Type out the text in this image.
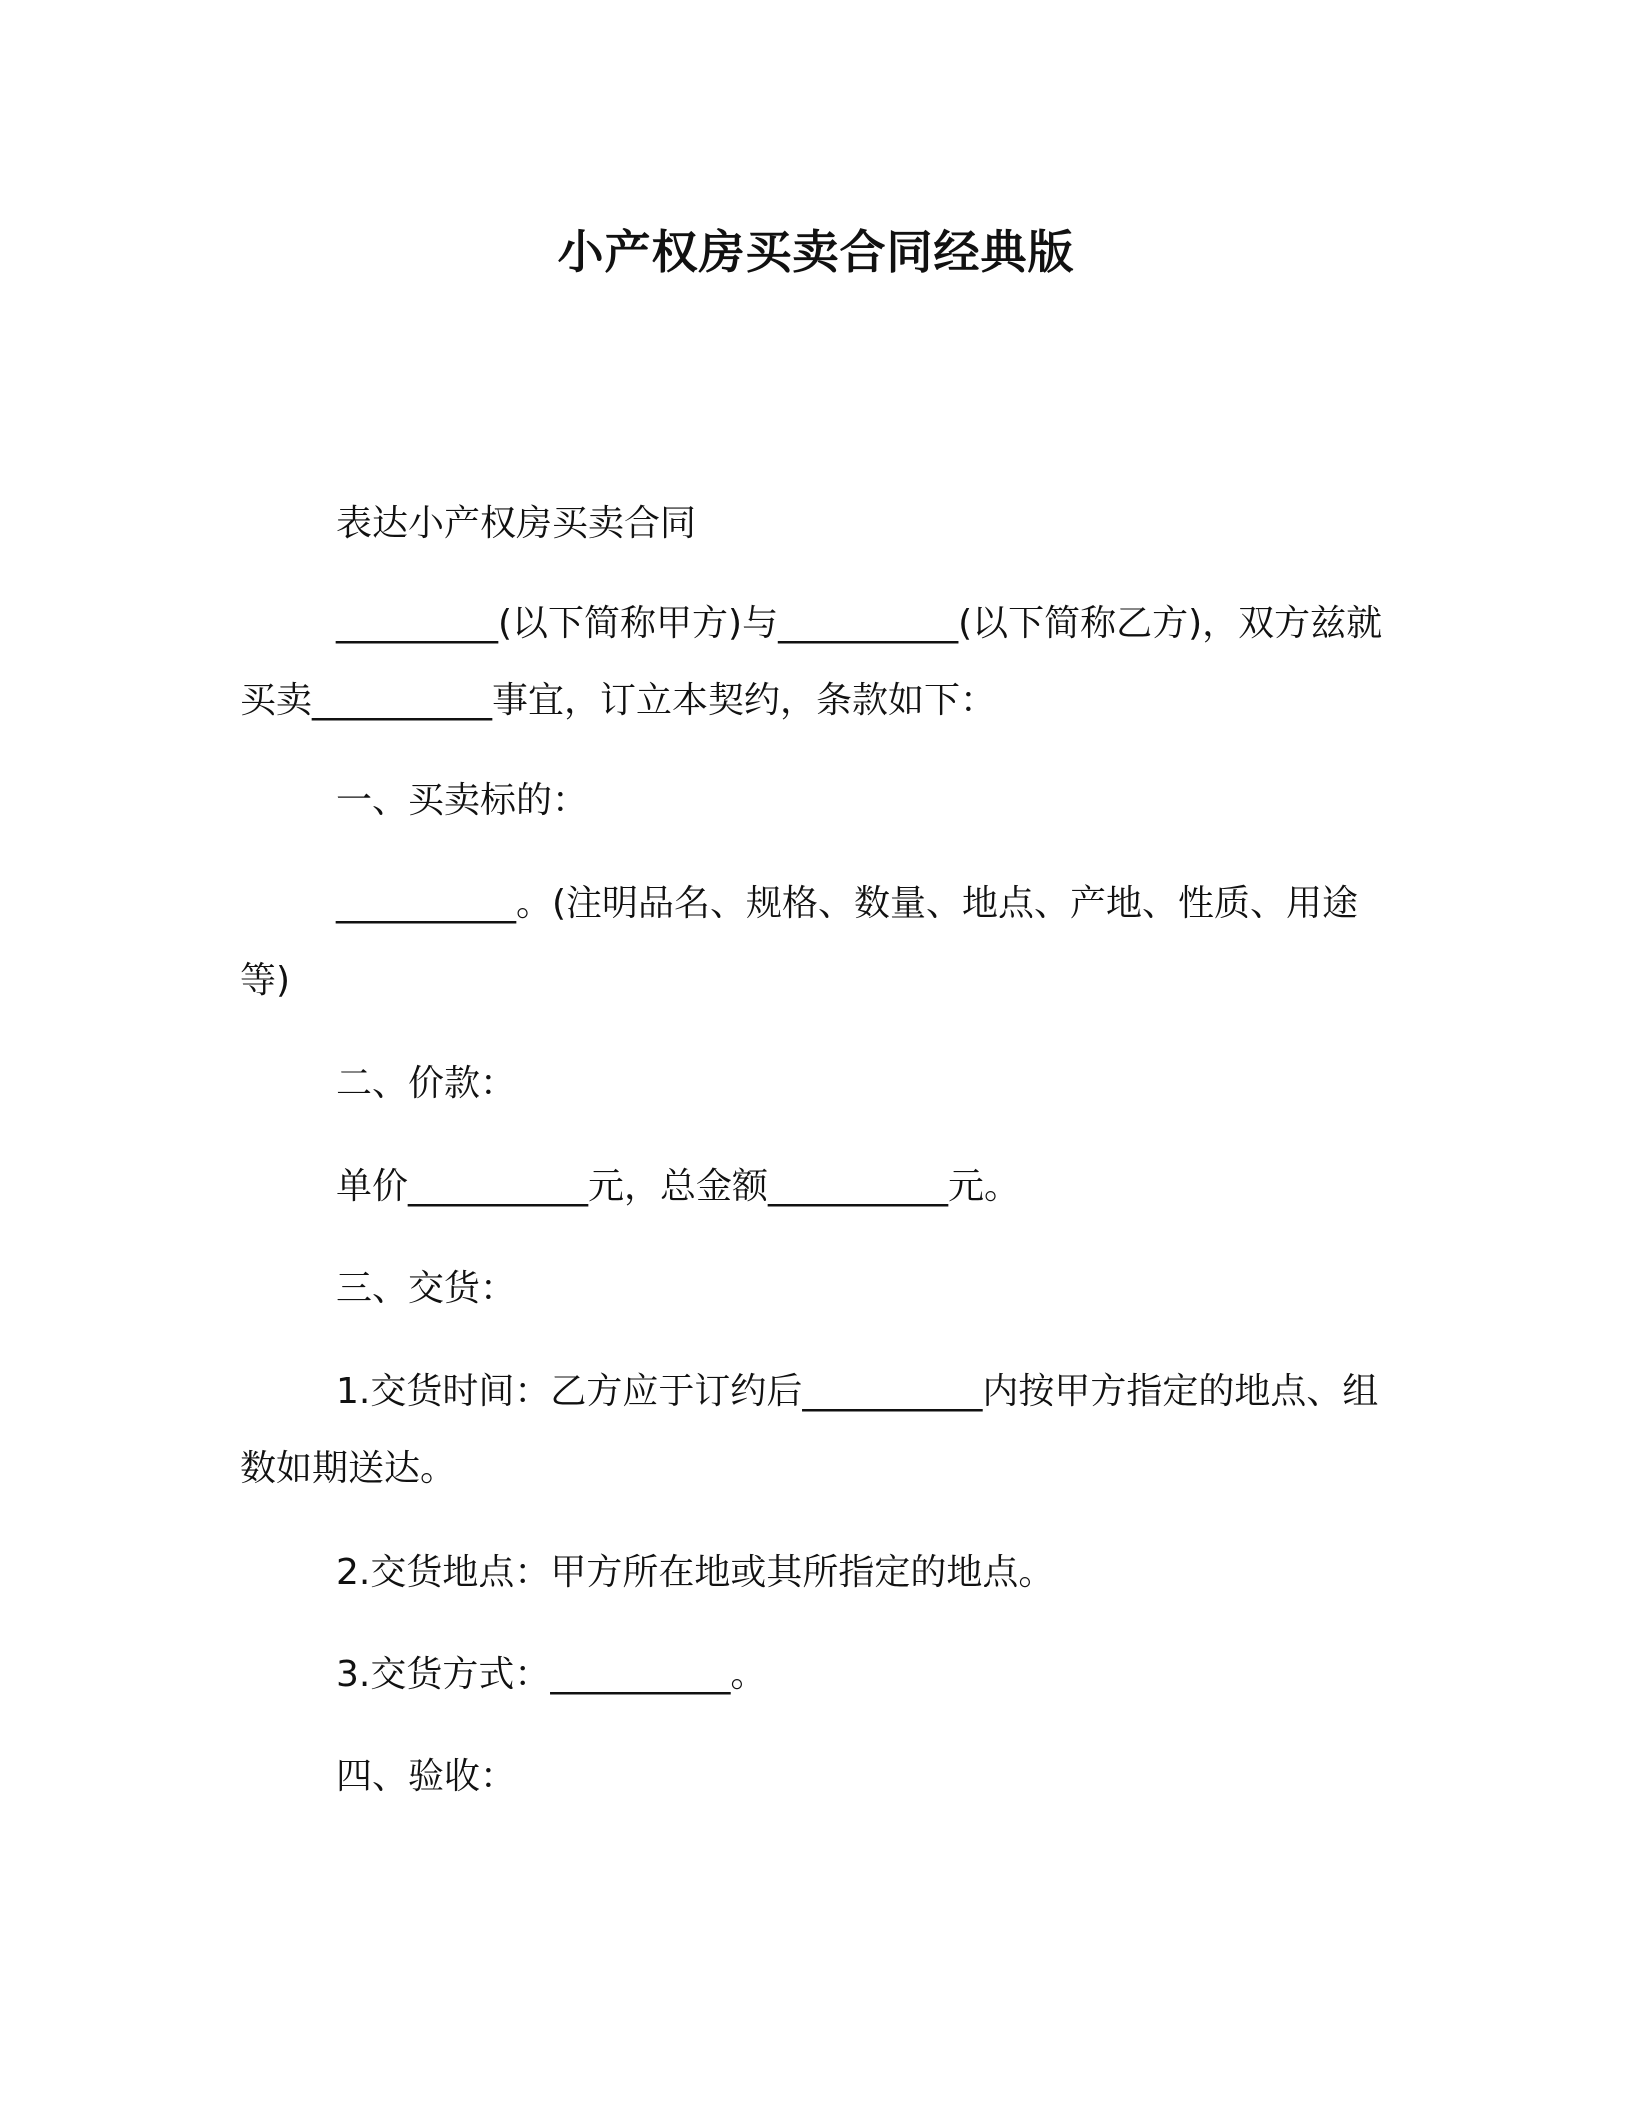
小产权房买卖合同经典版
表达小产权房买卖合同
_________(以下简称甲方)与__________(以下简称乙方)，双方兹就买卖__________事宜，订立本契约，条款如下：
一、买卖标的：
__________。(注明品名、规格、数量、地点、产地、性质、用途等)
二、价款：
单价__________元，总金额__________元。
三、交货：
1.交货时间：乙方应于订约后__________内按甲方指定的地点、组数如期送达。
2.交货地点：甲方所在地或其所指定的地点。
3.交货方式：__________。
四、验收：
